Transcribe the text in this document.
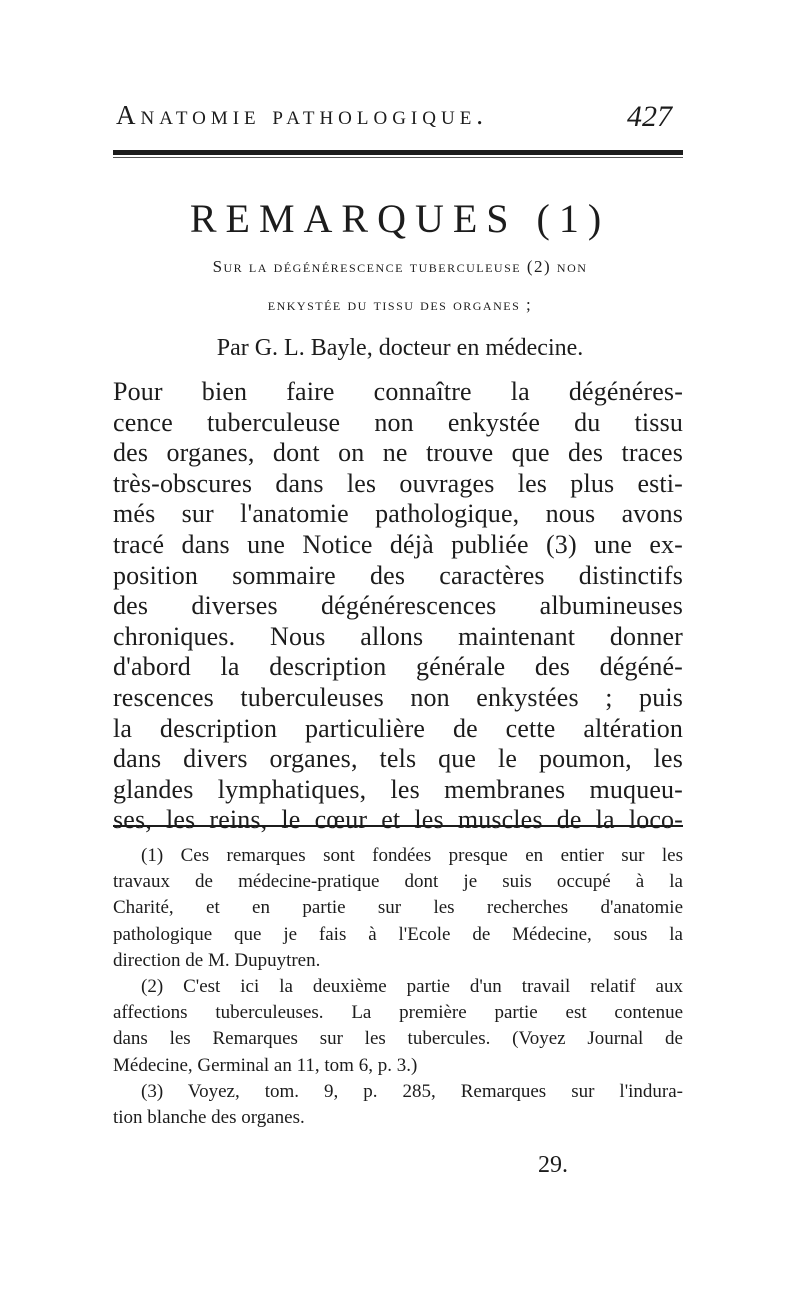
Anatomie pathologique.	427
REMARQUES (1)
Sur la dégénérescence tuberculeuse (2) non
enkystée du tissu des organes ;
Par G. L. Bayle, docteur en médecine.
Pour bien faire connaître la dégénéres-
cence tuberculeuse non enkystée du tissu
des organes, dont on ne trouve que des traces
très-obscures dans les ouvrages les plus esti-
més sur l'anatomie pathologique, nous avons
tracé dans une Notice déjà publiée (3) une ex-
position sommaire des caractères distinctifs
des diverses dégénérescences albumineuses
chroniques. Nous allons maintenant donner
d'abord la description générale des dégéné-
rescences tuberculeuses non enkystées ; puis
la description particulière de cette altération
dans divers organes, tels que le poumon, les
glandes lymphatiques, les membranes muqueu-
ses, les reins, le cœur et les muscles de la loco-
(1) Ces remarques sont fondées presque en entier sur les
travaux de médecine-pratique dont je suis occupé à la
Charité, et en partie sur les recherches d'anatomie
pathologique que je fais à l'Ecole de Médecine, sous la
direction de M. Dupuytren.
(2) C'est ici la deuxième partie d'un travail relatif aux
affections tuberculeuses. La première partie est contenue
dans les Remarques sur les tubercules. (Voyez Journal de
Médecine, Germinal an 11, tom 6, p. 3.)
(3) Voyez, tom. 9, p. 285, Remarques sur l'indura-
tion blanche des organes.
29.
